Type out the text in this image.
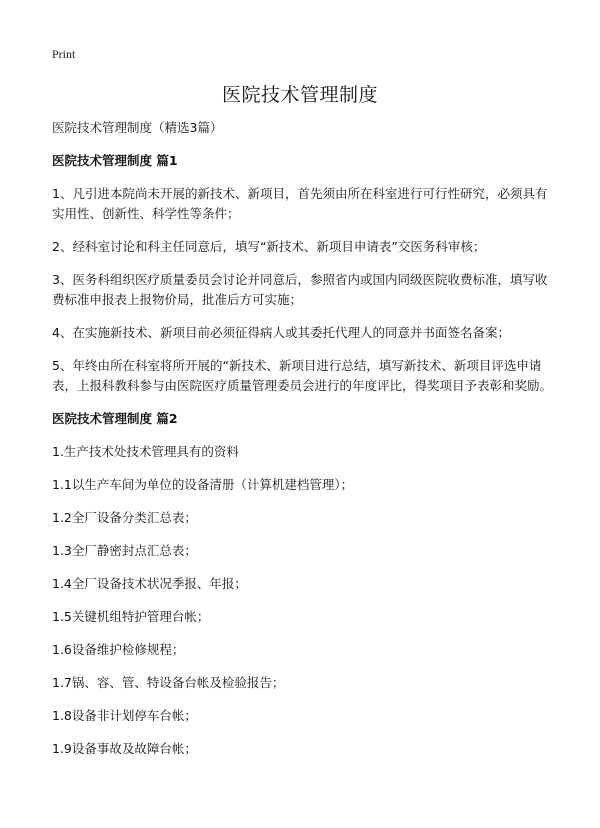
Print
医院技术管理制度
医院技术管理制度（精选3篇）
医院技术管理制度 篇1
1、凡引进本院尚未开展的新技术、新项目，首先须由所在科室进行可行性研究，必须具有实用性、创新性、科学性等条件；
2、经科室讨论和科主任同意后，填写“新技术、新项目申请表”交医务科审核；
3、医务科组织医疗质量委员会讨论并同意后，参照省内或国内同级医院收费标准，填写收费标准申报表上报物价局，批准后方可实施；
4、在实施新技术、新项目前必须征得病人或其委托代理人的同意并书面签名备案；
5、年终由所在科室将所开展的“新技术、新项目进行总结，填写新技术、新项目评选申请表，上报科教科参与由医院医疗质量管理委员会进行的年度评比，得奖项目予表彰和奖励。
医院技术管理制度 篇2
1.生产技术处技术管理具有的资料
1.1以生产车间为单位的设备清册（计算机建档管理）；
1.2全厂设备分类汇总表；
1.3全厂静密封点汇总表；
1.4全厂设备技术状况季报、年报；
1.5关键机组特护管理台帐；
1.6设备维护检修规程；
1.7锅、容、管、特设备台帐及检验报告；
1.8设备非计划停车台帐；
1.9设备事故及故障台帐；
